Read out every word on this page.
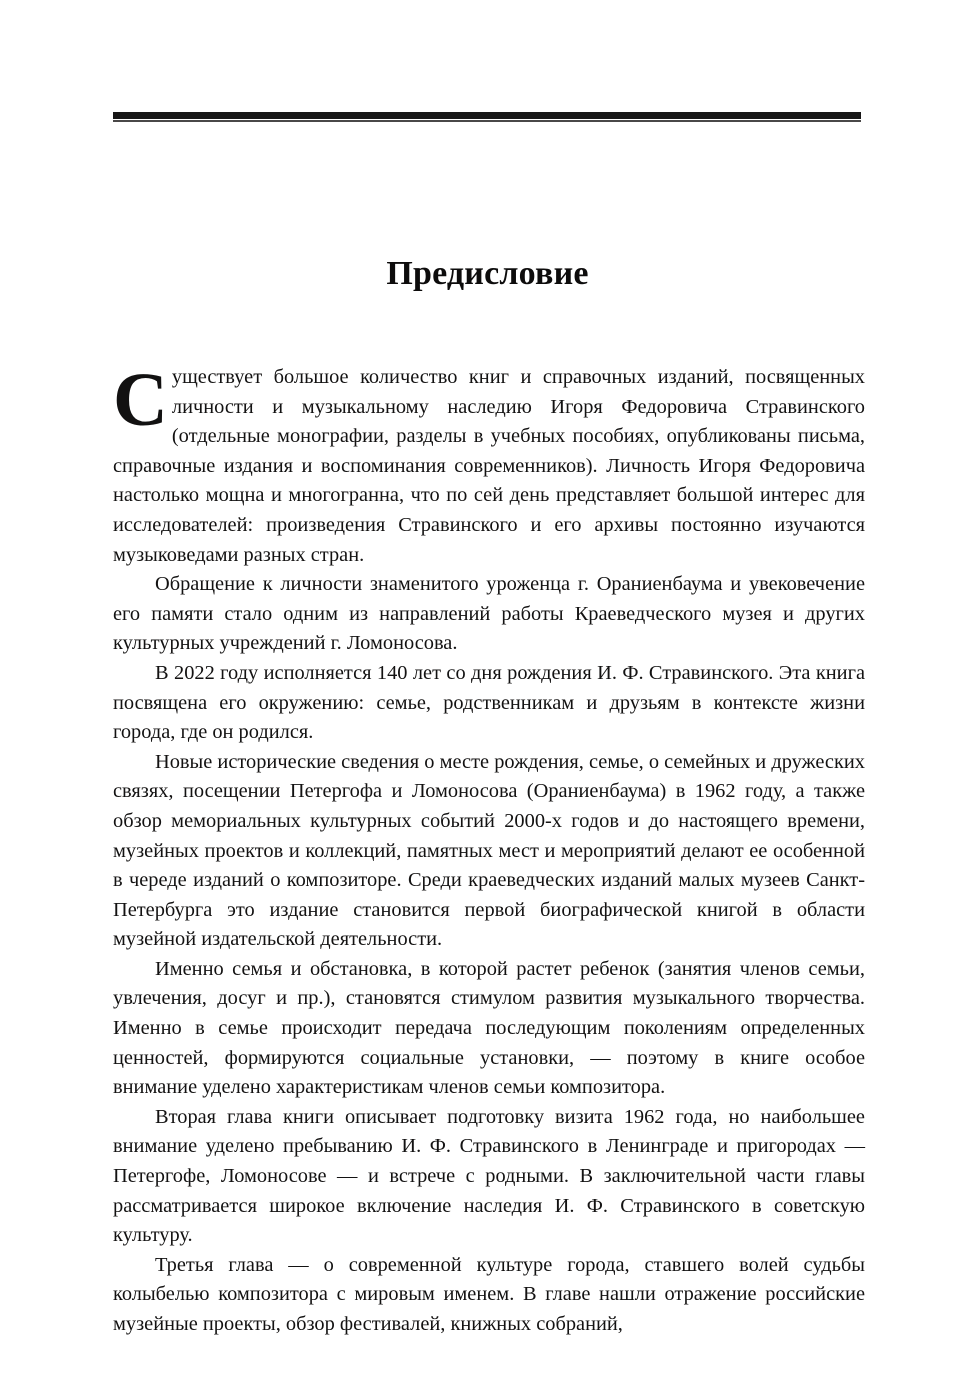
Предисловие

Существует большое количество книг и справочных изданий, посвященных личности и музыкальному наследию Игоря Федоровича Стравинского (отдельные монографии, разделы в учебных пособиях, опубликованы письма, справочные издания и воспоминания современников). Личность Игоря Федоровича настолько мощна и многогранна, что по сей день представляет большой интерес для исследователей: произведения Стравинского и его архивы постоянно изучаются музыковедами разных стран.

Обращение к личности знаменитого уроженца г. Ораниенбаума и увековечение его памяти стало одним из направлений работы Краеведческого музея и других культурных учреждений г. Ломоносова.

В 2022 году исполняется 140 лет со дня рождения И. Ф. Стравинского. Эта книга посвящена его окружению: семье, родственникам и друзьям в контексте жизни города, где он родился.

Новые исторические сведения о месте рождения, семье, о семейных и дружеских связях, посещении Петергофа и Ломоносова (Ораниенбаума) в 1962 году, а также обзор мемориальных культурных событий 2000-х годов и до настоящего времени, музейных проектов и коллекций, памятных мест и мероприятий делают ее особенной в череде изданий о композиторе. Среди краеведческих изданий малых музеев Санкт-Петербурга это издание становится первой биографической книгой в области музейной издательской деятельности.

Именно семья и обстановка, в которой растет ребенок (занятия членов семьи, увлечения, досуг и пр.), становятся стимулом развития музыкального творчества. Именно в семье происходит передача последующим поколениям определенных ценностей, формируются социальные установки, — поэтому в книге особое внимание уделено характеристикам членов семьи композитора.

Вторая глава книги описывает подготовку визита 1962 года, но наибольшее внимание уделено пребыванию И. Ф. Стравинского в Ленинграде и пригородах — Петергофе, Ломоносове — и встрече с родными. В заключительной части главы рассматривается широкое включение наследия И. Ф. Стравинского в советскую культуру.

Третья глава — о современной культуре города, ставшего волей судьбы колыбелью композитора с мировым именем. В главе нашли отражение российские музейные проекты, обзор фестивалей, книжных собраний,
